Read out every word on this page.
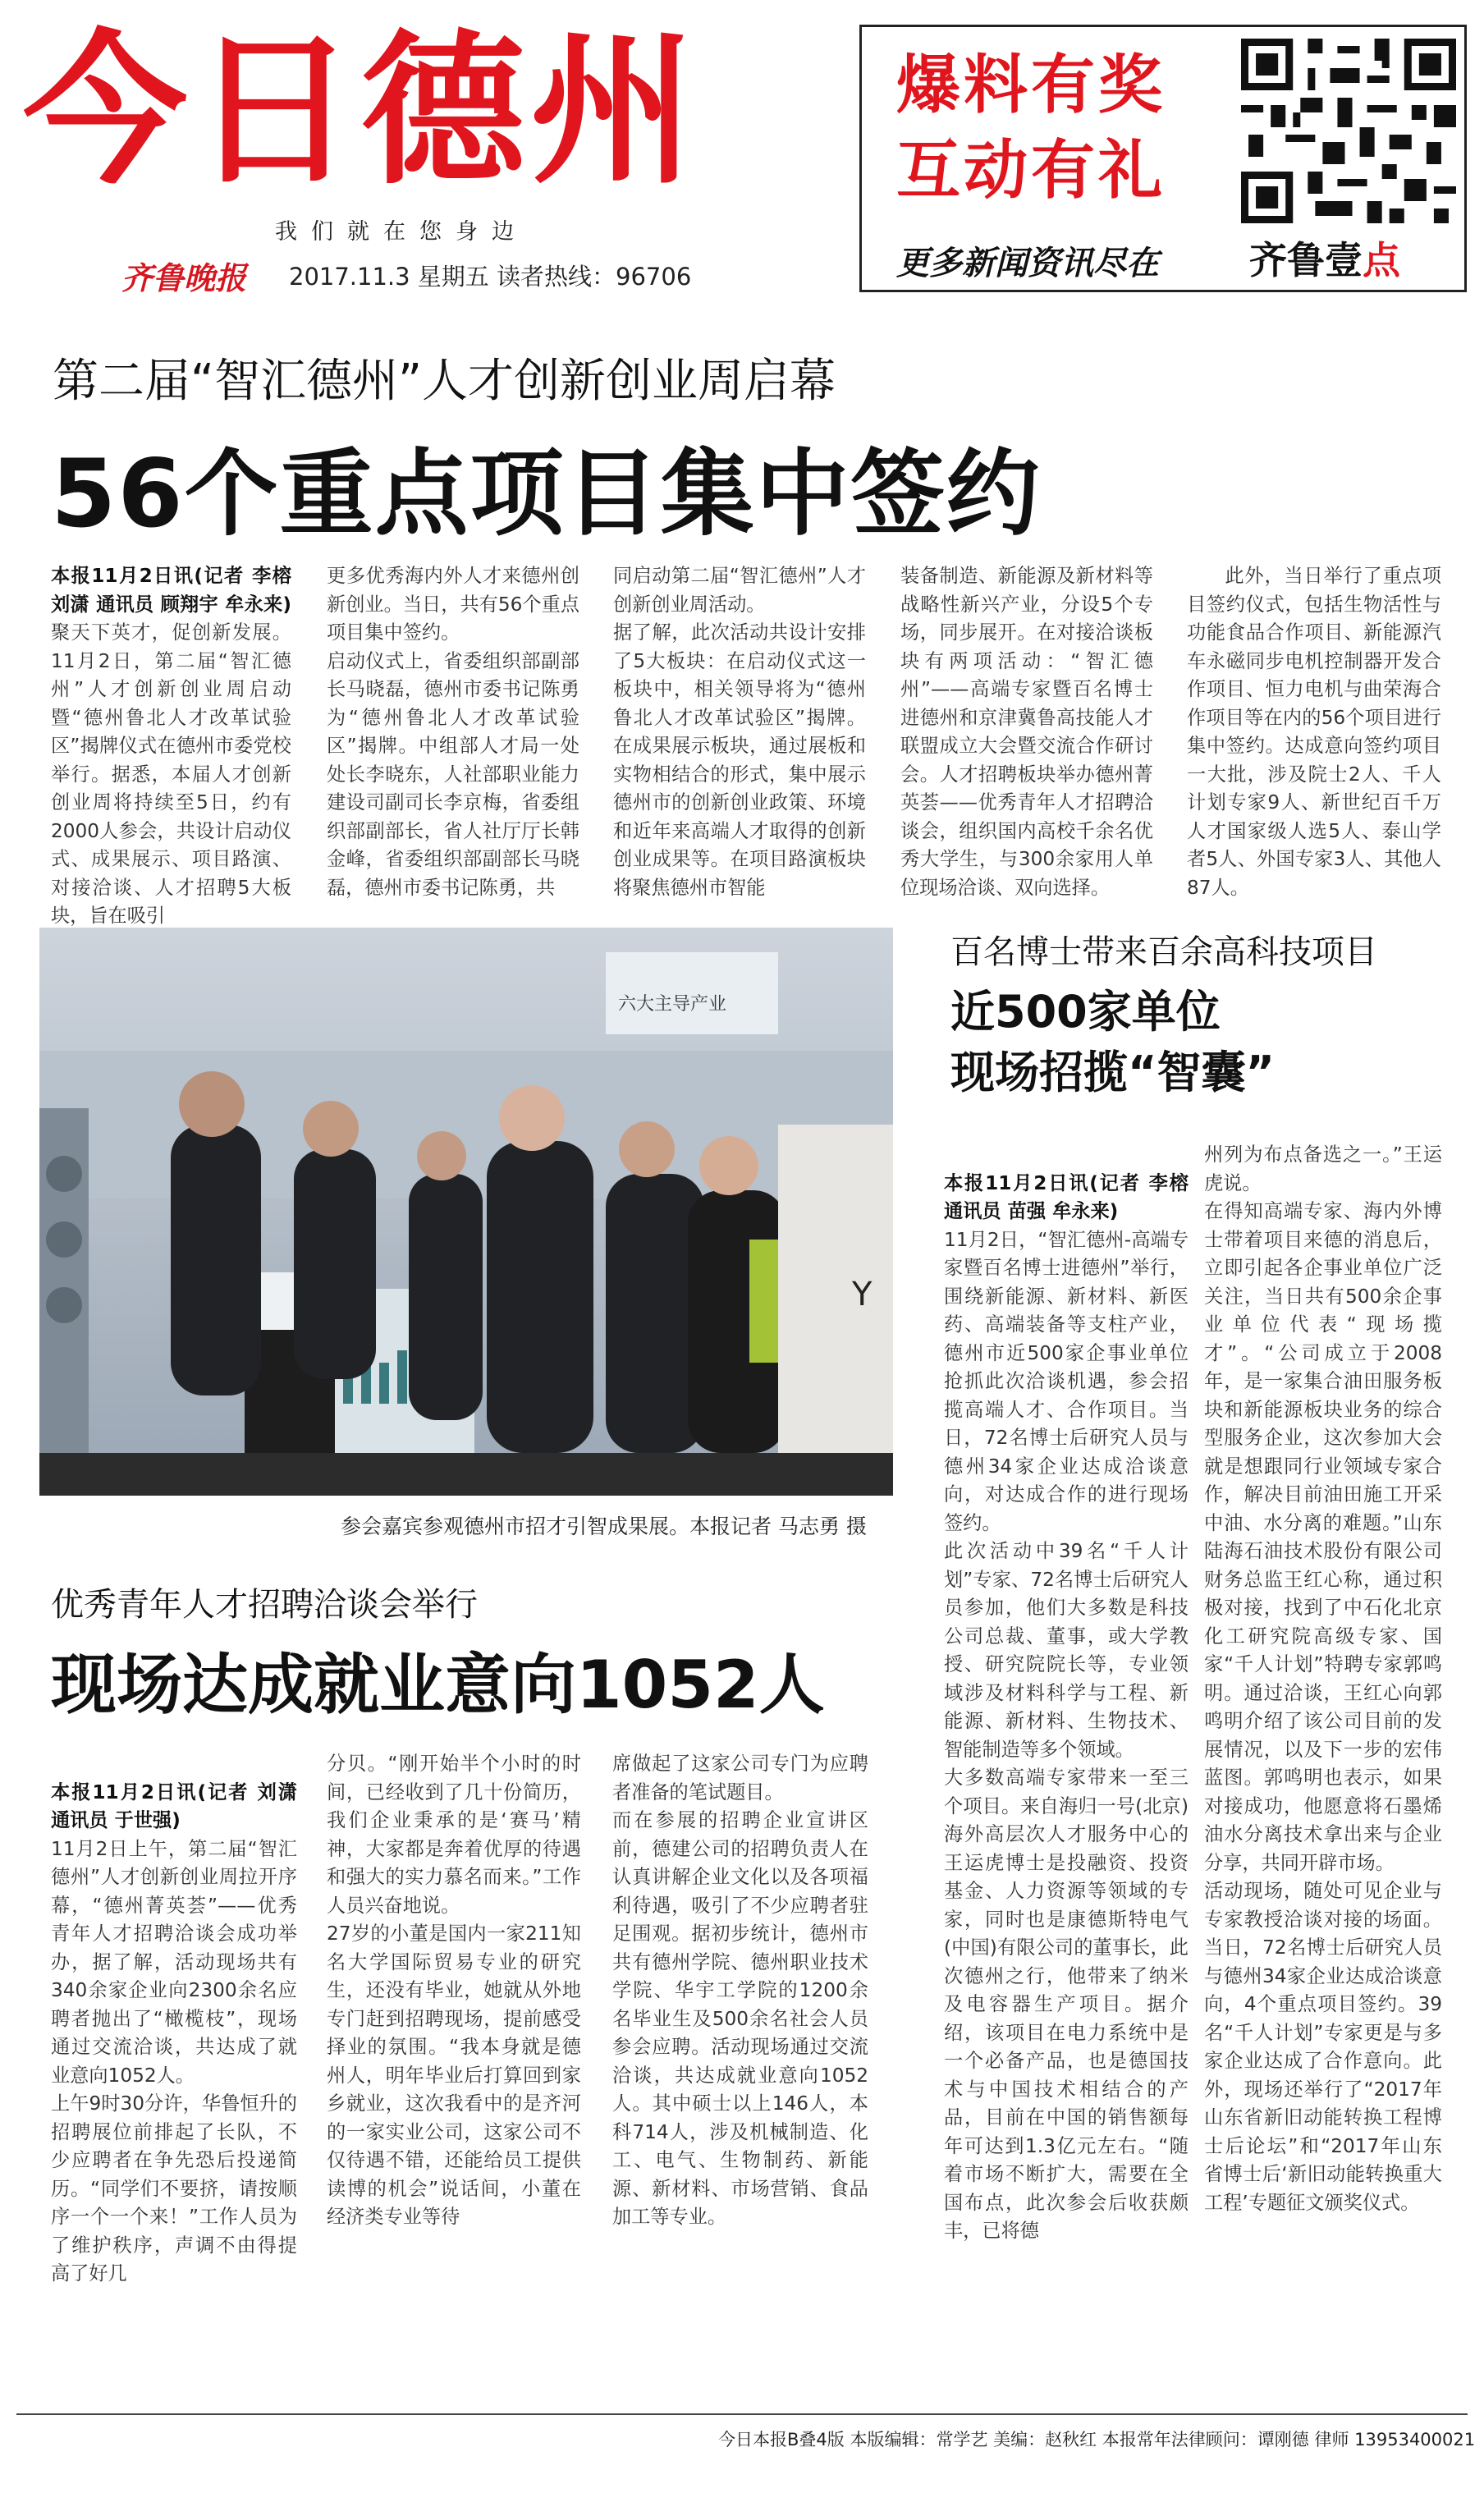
今日德州
我们就在您身边
齐鲁晚报 2017.11.3 星期五 读者热线：96706
爆料有奖
互动有礼
更多新闻资讯尽在 齐鲁壹点
第二届“智汇德州”人才创新创业周启幕
56个重点项目集中签约
本报11月2日讯(记者 李榕 刘潇 通讯员 顾翔宇 牟永来) 聚天下英才，促创新发展。11月2日，第二届“智汇德州”人才创新创业周启动暨“德州鲁北人才改革试验区”揭牌仪式在德州市委党校举行。据悉，本届人才创新创业周将持续至5日，约有2000人参会，共设计启动仪式、成果展示、项目路演、对接洽谈、人才招聘5大板块，旨在吸引
更多优秀海内外人才来德州创新创业。当日，共有56个重点项目集中签约。
启动仪式上，省委组织部副部长马晓磊，德州市委书记陈勇为“德州鲁北人才改革试验区”揭牌。中组部人才局一处处长李晓东，人社部职业能力建设司副司长李京梅，省委组织部副部长，省人社厅厅长韩金峰，省委组织部副部长马晓磊，德州市委书记陈勇，共
同启动第二届“智汇德州”人才创新创业周活动。
据了解，此次活动共设计安排了5大板块：在启动仪式这一板块中，相关领导将为“德州鲁北人才改革试验区”揭牌。在成果展示板块，通过展板和实物相结合的形式，集中展示德州市的创新创业政策、环境和近年来高端人才取得的创新创业成果等。在项目路演板块将聚焦德州市智能
装备制造、新能源及新材料等战略性新兴产业，分设5个专场，同步展开。在对接洽谈板块有两项活动：“智汇德州”——高端专家暨百名博士进德州和京津冀鲁高技能人才联盟成立大会暨交流合作研讨会。人才招聘板块举办德州菁英荟——优秀青年人才招聘洽谈会，组织国内高校千余名优秀大学生，与300余家用人单位现场洽谈、双向选择。
此外，当日举行了重点项目签约仪式，包括生物活性与功能食品合作项目、新能源汽车永磁同步电机控制器开发合作项目、恒力电机与曲荣海合作项目等在内的56个项目进行集中签约。达成意向签约项目一大批，涉及院士2人、千人计划专家9人、新世纪百千万人才国家级人选5人、泰山学者5人、外国专家3人、其他人87人。
六大主导产业
Y
参会嘉宾参观德州市招才引智成果展。本报记者 马志勇 摄
百名博士带来百余高科技项目
近500家单位
现场招揽“智囊”

本报11月2日讯(记者 李榕 通讯员 苗强 牟永来)
11月2日，“智汇德州-高端专家暨百名博士进德州”举行，围绕新能源、新材料、新医药、高端装备等支柱产业，德州市近500家企事业单位抢抓此次洽谈机遇，参会招揽高端人才、合作项目。当日，72名博士后研究人员与德州34家企业达成洽谈意向，对达成合作的进行现场签约。
此次活动中39名“千人计划”专家、72名博士后研究人员参加，他们大多数是科技公司总裁、董事，或大学教授、研究院院长等，专业领域涉及材料科学与工程、新能源、新材料、生物技术、智能制造等多个领域。
大多数高端专家带来一至三个项目。来自海归一号(北京)海外高层次人才服务中心的王运虎博士是投融资、投资基金、人力资源等领域的专家，同时也是康德斯特电气(中国)有限公司的董事长，此次德州之行，他带来了纳米及电容器生产项目。据介绍，该项目在电力系统中是一个必备产品，也是德国技术与中国技术相结合的产品，目前在中国的销售额每年可达到1.3亿元左右。“随着市场不断扩大，需要在全国布点，此次参会后收获颇丰，已将德

州列为布点备选之一。”王运虎说。
在得知高端专家、海内外博士带着项目来德的消息后，立即引起各企事业单位广泛关注，当日共有500余企事业单位代表“现场揽才”。“公司成立于2008年，是一家集合油田服务板块和新能源板块业务的综合型服务企业，这次参加大会就是想跟同行业领域专家合作，解决目前油田施工开采中油、水分离的难题。”山东陆海石油技术股份有限公司财务总监王红心称，通过积极对接，找到了中石化北京化工研究院高级专家、国家“千人计划”特聘专家郭鸣明。通过洽谈，王红心向郭鸣明介绍了该公司目前的发展情况，以及下一步的宏伟蓝图。郭鸣明也表示，如果对接成功，他愿意将石墨烯油水分离技术拿出来与企业分享，共同开辟市场。
活动现场，随处可见企业与专家教授洽谈对接的场面。当日，72名博士后研究人员与德州34家企业达成洽谈意向，4个重点项目签约。39名“千人计划”专家更是与多家企业达成了合作意向。此外，现场还举行了“2017年山东省新旧动能转换工程博士后论坛”和“2017年山东省博士后‘新旧动能转换重大工程’专题征文颁奖仪式。
优秀青年人才招聘洽谈会举行
现场达成就业意向1052人

本报11月2日讯(记者 刘潇 通讯员 于世强)
11月2日上午，第二届“智汇德州”人才创新创业周拉开序幕，“德州菁英荟”——优秀青年人才招聘洽谈会成功举办，据了解，活动现场共有340余家企业向2300余名应聘者抛出了“橄榄枝”，现场通过交流洽谈，共达成了就业意向1052人。
上午9时30分许，华鲁恒升的招聘展位前排起了长队，不少应聘者在争先恐后投递简历。“同学们不要挤，请按顺序一个一个来！”工作人员为了维护秩序，声调不由得提高了好几

分贝。“刚开始半个小时的时间，已经收到了几十份简历，我们企业秉承的是‘赛马’精神，大家都是奔着优厚的待遇和强大的实力慕名而来。”工作人员兴奋地说。
27岁的小董是国内一家211知名大学国际贸易专业的研究生，还没有毕业，她就从外地专门赶到招聘现场，提前感受择业的氛围。“我本身就是德州人，明年毕业后打算回到家乡就业，这次我看中的是齐河的一家实业公司，这家公司不仅待遇不错，还能给员工提供读博的机会”说话间，小董在经济类专业等待
席做起了这家公司专门为应聘者准备的笔试题目。
而在参展的招聘企业宣讲区前，德建公司的招聘负责人在认真讲解企业文化以及各项福利待遇，吸引了不少应聘者驻足围观。据初步统计，德州市共有德州学院、德州职业技术学院、华宇工学院的1200余名毕业生及500余名社会人员参会应聘。活动现场通过交流洽谈，共达成就业意向1052人。其中硕士以上146人，本科714人，涉及机械制造、化工、电气、生物制药、新能源、新材料、市场营销、食品加工等专业。
今日本报B叠4版 本版编辑：常学艺 美编：赵秋红 本报常年法律顾问：谭刚德 律师 13953400021
